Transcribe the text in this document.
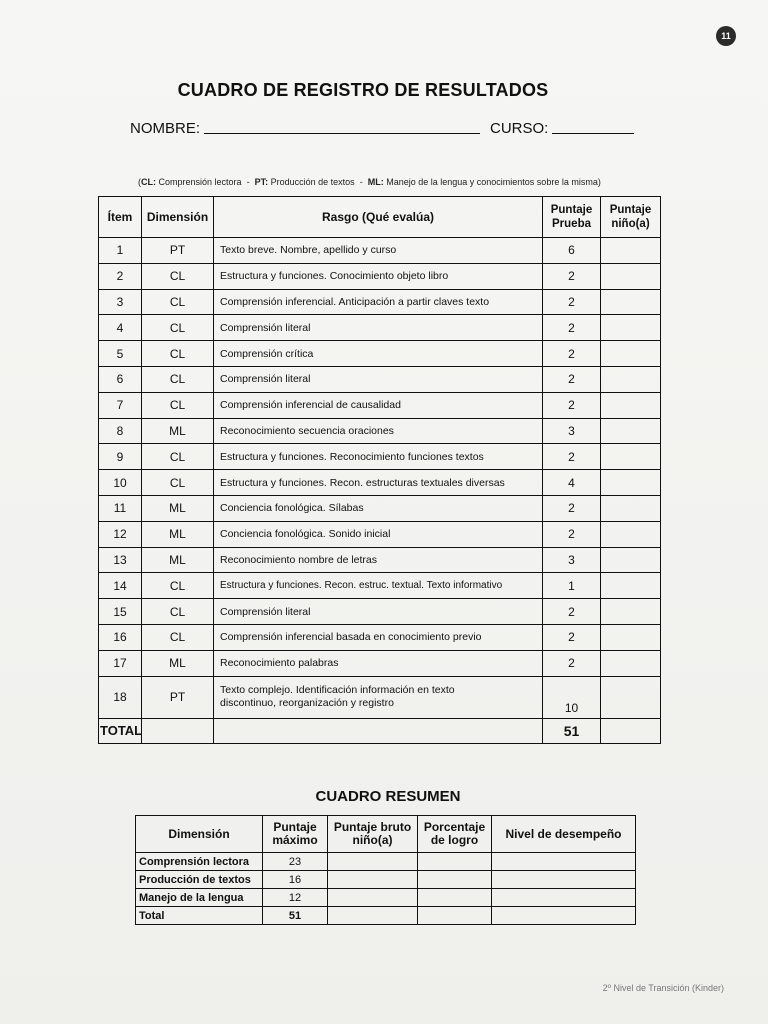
11
CUADRO DE REGISTRO DE RESULTADOS
NOMBRE:	CURSO:
(CL: Comprensión lectora - PT: Producción de textos - ML: Manejo de la lengua y conocimientos sobre la misma)
Ítem	Dimensión	Rasgo (Qué evalúa)	Puntaje Prueba	Puntaje niño(a)
1	PT	Texto breve. Nombre, apellido y curso	6	
2	CL	Estructura y funciones. Conocimiento objeto libro	2	
3	CL	Comprensión inferencial. Anticipación a partir claves texto	2	
4	CL	Comprensión literal	2	
5	CL	Comprensión crítica	2	
6	CL	Comprensión literal	2	
7	CL	Comprensión inferencial de causalidad	2	
8	ML	Reconocimiento secuencia oraciones	3	
9	CL	Estructura y funciones. Reconocimiento funciones textos	2	
10	CL	Estructura y funciones. Recon. estructuras textuales diversas	4	
11	ML	Conciencia fonológica. Sílabas	2	
12	ML	Conciencia fonológica. Sonido inicial	2	
13	ML	Reconocimiento nombre de letras	3	
14	CL	Estructura y funciones. Recon. estruc. textual. Texto informativo	1	
15	CL	Comprensión literal	2	
16	CL	Comprensión inferencial basada en conocimiento previo	2	
17	ML	Reconocimiento palabras	2	
18	PT	Texto complejo. Identificación información en texto
discontinuo, reorganización y registro	10	
TOTAL			51	
CUADRO RESUMEN
Dimensión	Puntaje máximo	Puntaje bruto niño(a)	Porcentaje de logro	Nivel de desempeño
Comprensión lectora	23			
Producción de textos	16			
Manejo de la lengua	12			
Total	51			
2º Nivel de Transición (Kinder)
